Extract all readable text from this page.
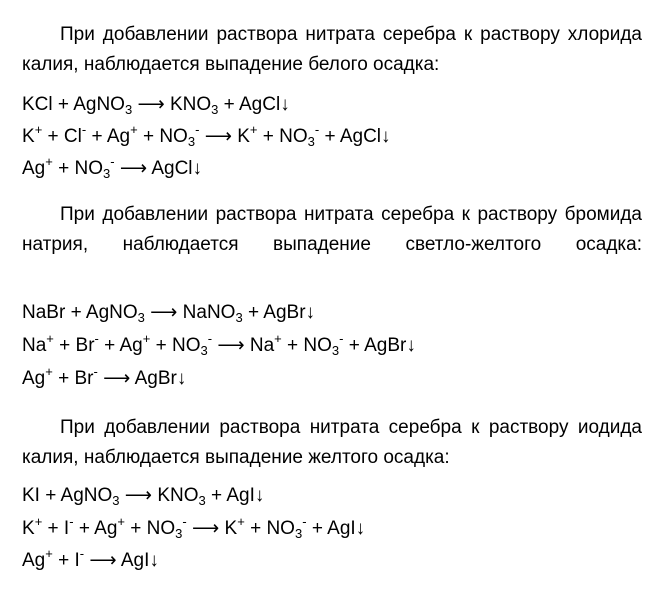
При добавлении раствора нитрата серебра к раствору хлорида калия, наблюдается выпадение белого осадка:
KCl + AgNO$_3$ ⟶ $KNO_3$ + AgCl↓
$K^+ + Cl^- + Ag^+ + NO_3^-$ ⟶ $K^+ + NO_3^-$ + AgCl↓
$Ag^+ + NO_3^-$ ⟶ AgCl↓
При добавлении раствора нитрата серебра к раствору бромида натрия, наблюдается выпадение светло-желтого осадка:
NaBr + AgNO$_3$ ⟶ NaNO$_3$ + AgBr↓
$Na^+ + Br^- + Ag^+ + NO_3^-$ ⟶ $Na^+ + NO_3^-$ + AgBr↓
Ag+ + Br- ⟶ AgBr↓
При добавлении раствора нитрата серебра к раствору иодида калия, наблюдается выпадение желтого осадка:
KI + AgNO$_3$ ⟶ $KNO_3$ + AgI↓
$K^+ + I^- + Ag^+ + NO_3^-$ ⟶ $K^+ + NO_3^-$ + AgI↓
Ag+ + I- ⟶ AgI↓
